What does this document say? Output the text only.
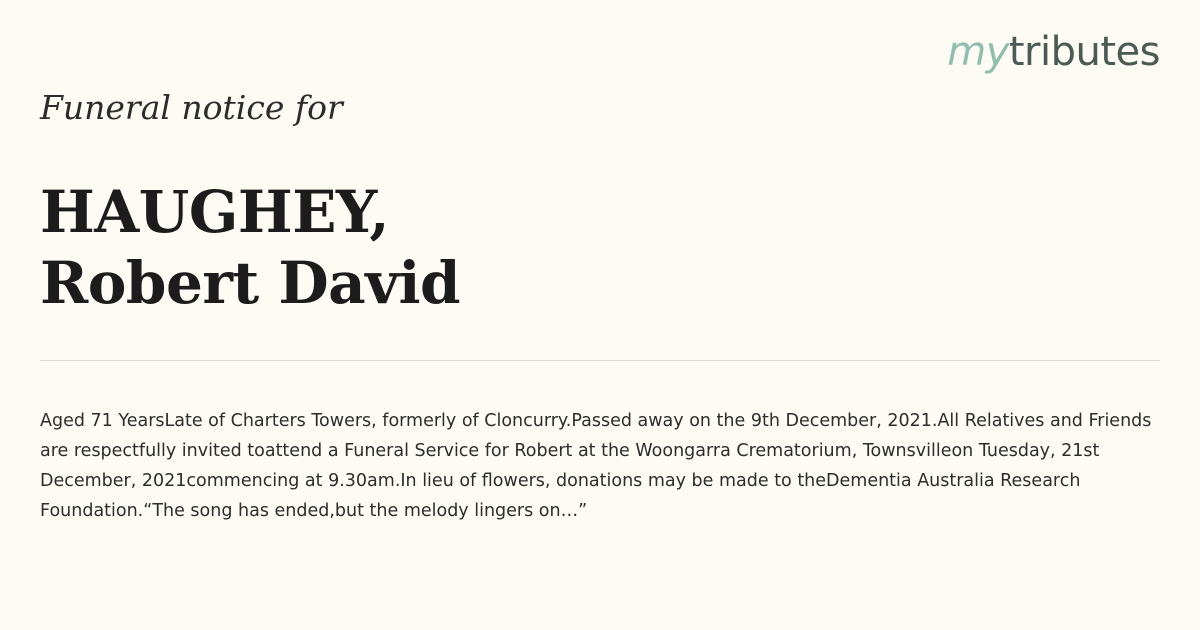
mytributes
Funeral notice for
HAUGHEY,
Robert David

Aged 71 YearsLate of Charters Towers, formerly of Cloncurry.Passed away on the 9th December, 2021.All Relatives and Friends are respectfully invited toattend a Funeral Service for Robert at the Woongarra Crematorium, Townsvilleon Tuesday, 21st December, 2021commencing at 9.30am.In lieu of flowers, donations may be made to theDementia Australia Research Foundation.“The song has ended,but the melody lingers on…”
